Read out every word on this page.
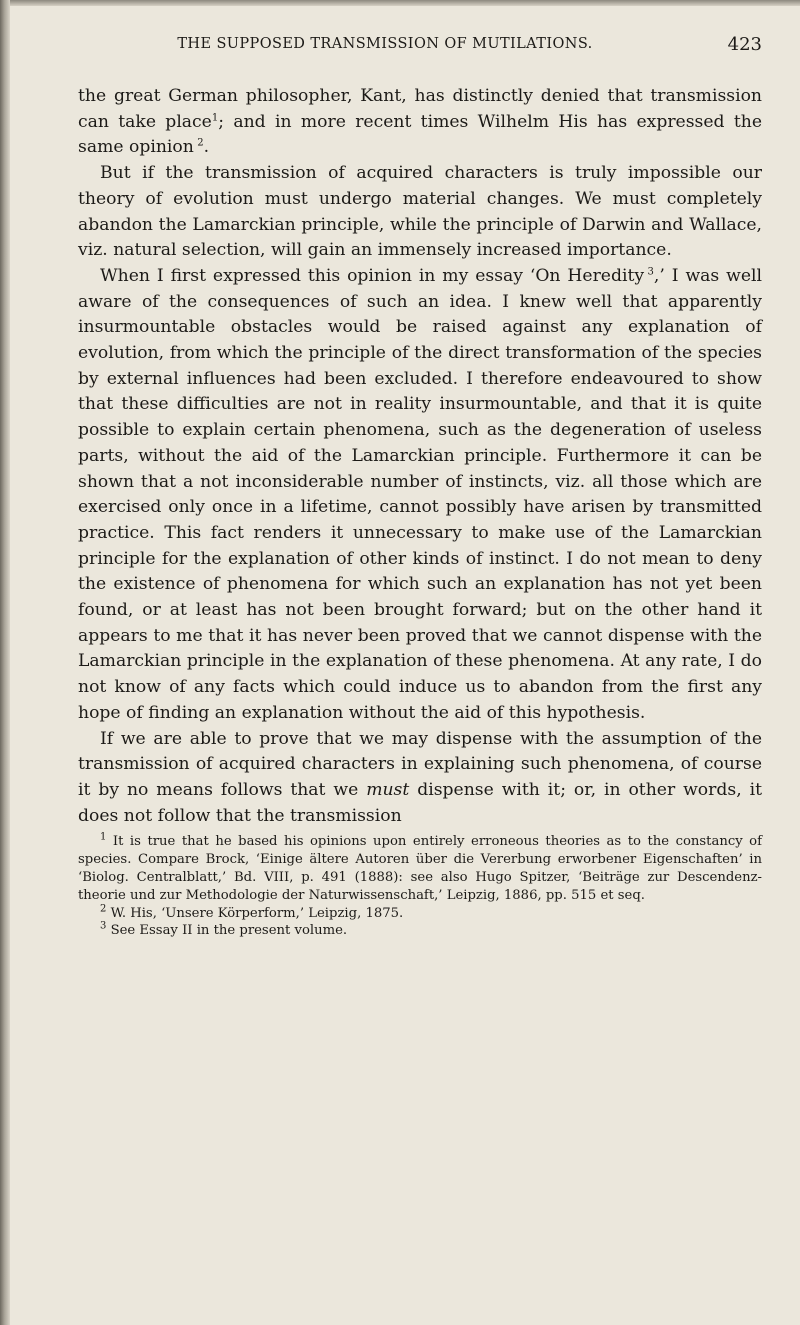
THE SUPPOSED TRANSMISSION OF MUTILATIONS.	423

the great German philosopher, Kant, has distinctly denied that transmission can take place$^1$; and in more recent times Wilhelm His has expressed the same opinion  $^2$.

But if the transmission of acquired characters is truly impossible our theory of evolution must undergo material changes. We must completely abandon the Lamarckian principle, while the principle of Darwin and Wallace, viz. natural selection, will gain an immensely increased importance.

When I first expressed this opinion in my essay ‘On Heredity  $^3$,’ I was well aware of the consequences of such an idea. I knew well that apparently insurmountable obstacles would be raised against any explanation of evolution, from which the principle of the direct transformation of the species by external influences had been excluded. I therefore endeavoured to show that these difficulties are not in reality insurmountable, and that it is quite possible to explain certain phenomena, such as the degeneration of useless parts, without the aid of the Lamarckian principle. Furthermore it can be shown that a not inconsiderable number of instincts, viz. all those which are exercised only once in a lifetime, cannot possibly have arisen by transmitted practice. This fact renders it unnecessary to make use of the Lamarckian principle for the explanation of other kinds of instinct. I do not mean to deny the existence of phenomena for which such an explanation has not yet been found, or at least has not been brought forward; but on the other hand it appears to me that it has never been proved that we cannot dispense with the Lamarckian principle in the explanation of these phenomena. At any rate, I do not know of any facts which could induce us to abandon from the first any hope of finding an explanation without the aid of this hypothesis.

If we are able to prove that we may dispense with the assumption of the transmission of acquired characters in explaining such phenomena, of course it by no means follows that we must dispense with it; or, in other words, it does not follow that the transmission

$^1$ It is true that he based his opinions upon entirely erroneous theories as to the constancy of species. Compare Brock, ‘Einige ältere Autoren über die Vererbung erworbener Eigenschaften’ in ‘Biolog. Centralblatt,’ Bd. VIII, p. 491 (1888): see also Hugo Spitzer, ‘Beiträge zur Descendenz-theorie und zur Methodologie der Naturwissenschaft,’ Leipzig, 1886, pp. 515 et seq.

$^2$ W. His, ‘Unsere Körperform,’ Leipzig, 1875.

$^3$ See Essay II in the present volume.
